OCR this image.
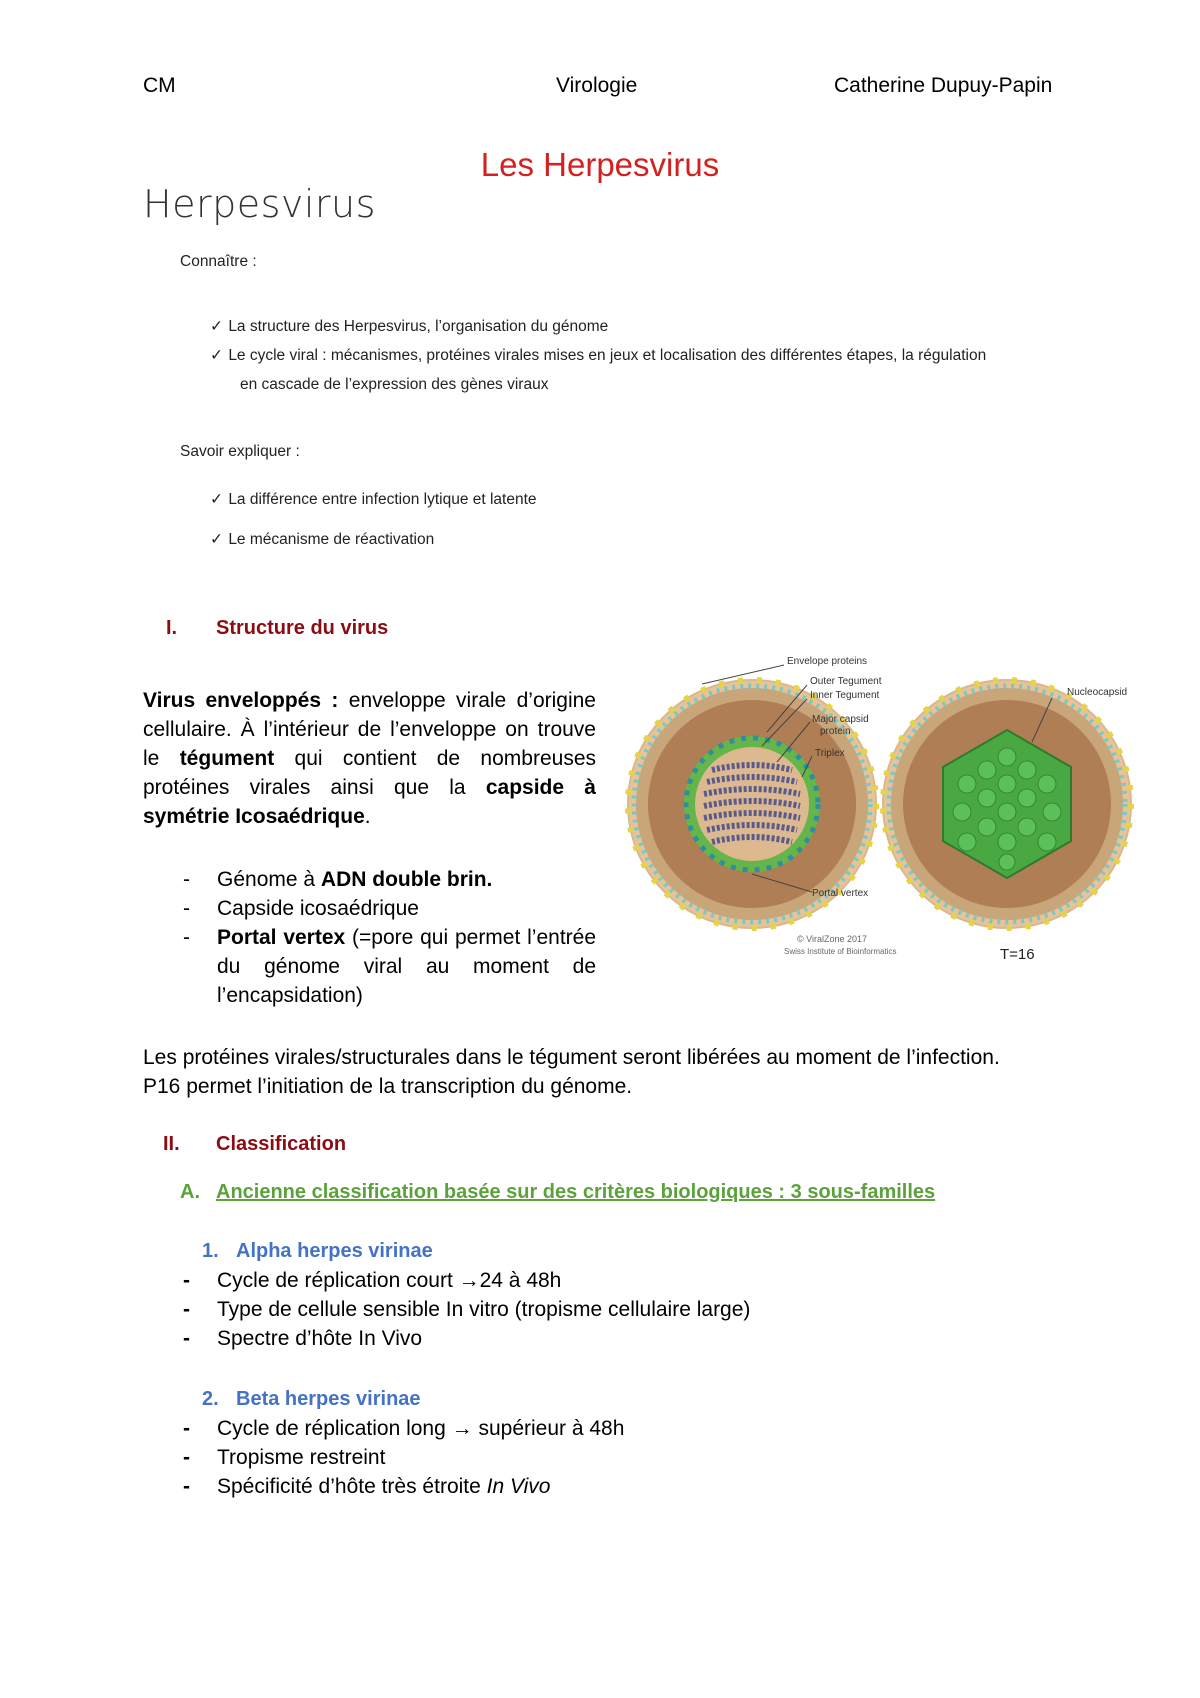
CM	Virologie	Catherine Dupuy-Papin
Les Herpesvirus
Herpesvirus
Connaître :
✓ La structure des Herpesvirus, l’organisation du génome
✓ Le cycle viral : mécanismes, protéines virales mises en jeux et localisation des différentes étapes, la régulation
en cascade de l’expression des gènes viraux
Savoir expliquer :
✓ La différence entre infection lytique et latente
✓ Le mécanisme de réactivation
I. Structure du virus
Virus enveloppés : enveloppe virale d’origine cellulaire. À l’intérieur de l’enveloppe on trouve le tégument qui contient de nombreuses protéines virales ainsi que la capside à symétrie Icosaédrique.
- Génome à ADN double brin.
- Capside icosaédrique
- Portal vertex (=pore qui permet l’entrée du génome viral au moment de l’encapsidation)
Envelope proteins
Outer Tegument
Inner Tegument
Major capsid
protein
Triplex
Portal vertex
Nucleocapsid
© ViralZone 2017
Swiss Institute of Bioinformatics	T=16
Les protéines virales/structurales dans le tégument seront libérées au moment de l’infection.
P16 permet l’initiation de la transcription du génome.
II. Classification
A. Ancienne classification basée sur des critères biologiques : 3 sous-familles
1. Alpha herpes virinae
- Cycle de réplication court →24 à 48h
- Type de cellule sensible In vitro (tropisme cellulaire large)
- Spectre d’hôte In Vivo
2. Beta herpes virinae
- Cycle de réplication long → supérieur à 48h
- Tropisme restreint
- Spécificité d’hôte très étroite In Vivo
